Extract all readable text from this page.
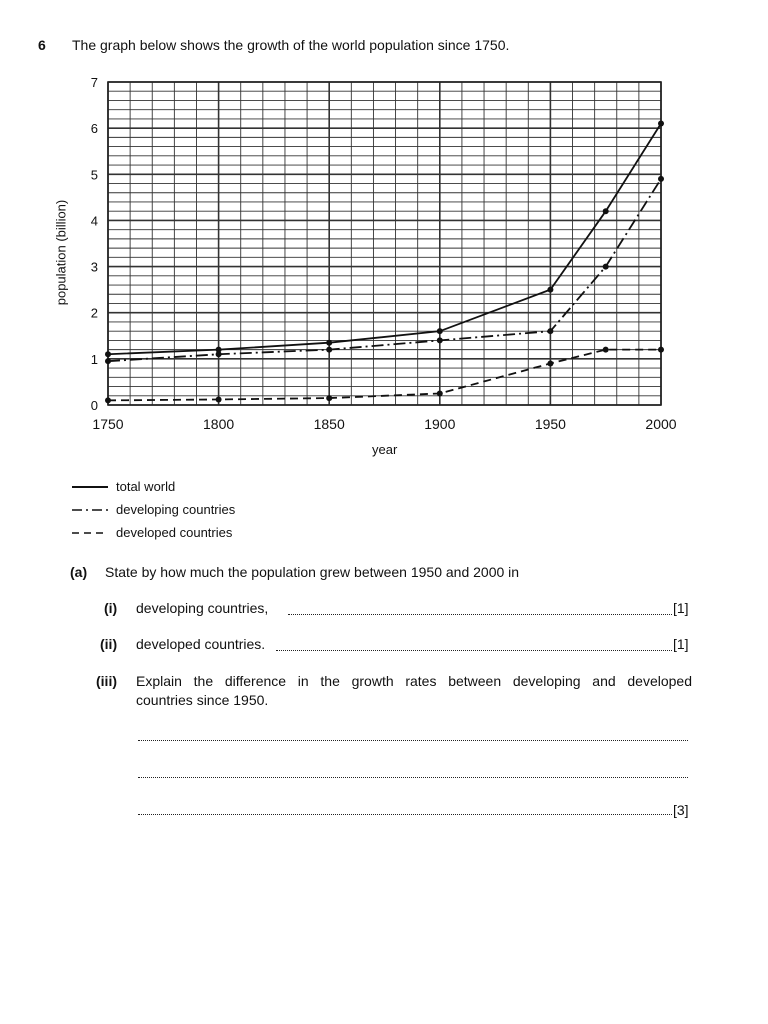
6 The graph below shows the growth of the world population since 1750.
1750	1800	1850	1900	1950	2000
0
1
2
3
4
5
6
7
population (billion)
year
total world
developing countries
developed countries
(a) State by how much the population grew between 1950 and 2000 in
(i) developing countries,	[1]
(ii) developed countries.	[1]
(iii) Explain the difference in the growth rates between developing and developed
countries since 1950.
[3]
